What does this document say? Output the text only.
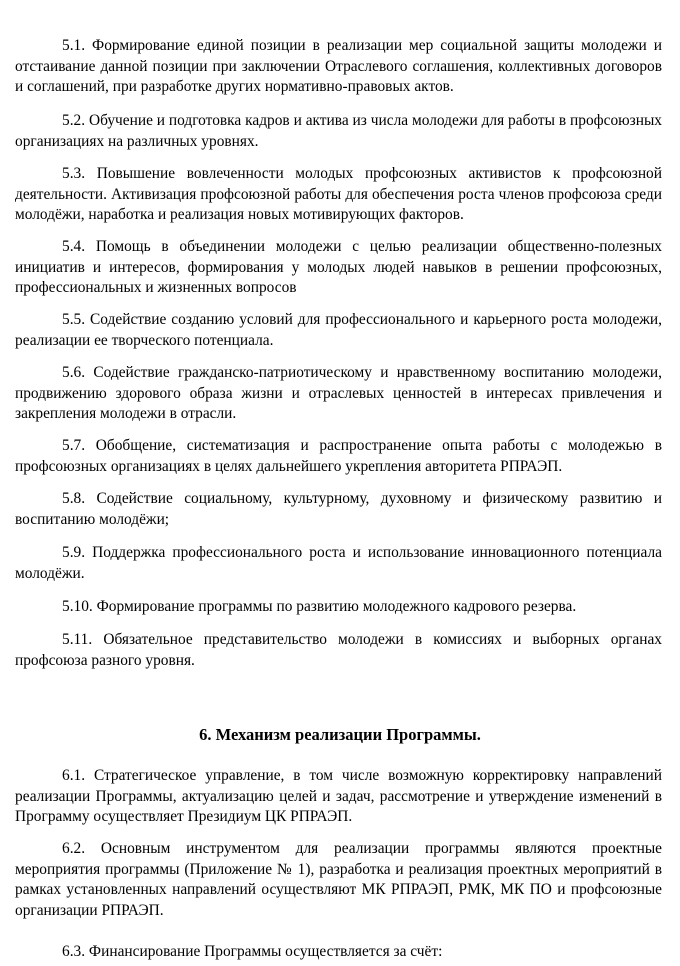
5.1. Формирование единой позиции в реализации мер социальной защиты молодежи и отстаивание данной позиции при заключении Отраслевого соглашения, коллективных договоров и соглашений, при разработке других нормативно-правовых актов.

5.2. Обучение и подготовка кадров и актива из числа молодежи для работы в профсоюзных организациях на различных уровнях.

5.3. Повышение вовлеченности молодых профсоюзных активистов к профсоюзной деятельности. Активизация профсоюзной работы для обеспечения роста членов профсоюза среди молодёжи, наработка и реализация новых мотивирующих факторов.

5.4. Помощь в объединении молодежи с целью реализации общественно-полезных инициатив и интересов, формирования у молодых людей навыков в решении профсоюзных, профессиональных и жизненных вопросов

5.5. Содействие созданию условий для профессионального и карьерного роста молодежи, реализации ее творческого потенциала.

5.6. Содействие гражданско-патриотическому и нравственному воспитанию молодежи, продвижению здорового образа жизни и отраслевых ценностей в интересах привлечения и закрепления молодежи в отрасли.

5.7. Обобщение, систематизация и распространение опыта работы с молодежью в профсоюзных организациях в целях дальнейшего укрепления авторитета РПРАЭП.

5.8. Содействие социальному, культурному, духовному и физическому развитию и воспитанию молодёжи;

5.9. Поддержка профессионального роста и использование инновационного потенциала молодёжи.

5.10. Формирование программы по развитию молодежного кадрового резерва.

5.11. Обязательное представительство молодежи в комиссиях и выборных органах профсоюза разного уровня.

6. Механизм реализации Программы.

6.1. Стратегическое управление, в том числе возможную корректировку направлений реализации Программы, актуализацию целей и задач, рассмотрение и утверждение изменений в Программу осуществляет Президиум ЦК РПРАЭП.

6.2. Основным инструментом для реализации программы являются проектные мероприятия программы (Приложение № 1), разработка и реализация проектных мероприятий в рамках установленных направлений осуществляют МК РПРАЭП, РМК, МК ПО и профсоюзные организации РПРАЭП.

6.3. Финансирование Программы осуществляется за счёт:
